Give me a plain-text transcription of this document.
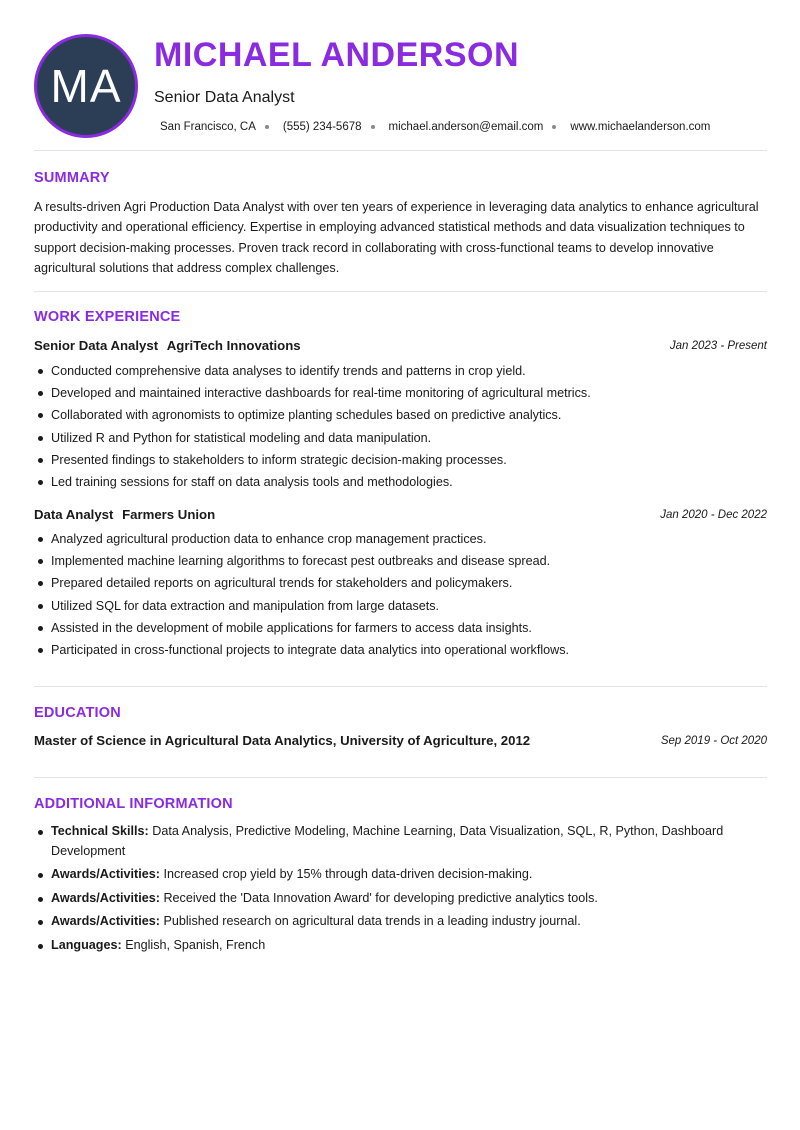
MA
MICHAEL ANDERSON
Senior Data Analyst
San Francisco, CA (555) 234-5678 michael.anderson@email.com www.michaelanderson.com
SUMMARY
A results-driven Agri Production Data Analyst with over ten years of experience in leveraging data analytics to enhance agricultural productivity and operational efficiency. Expertise in employing advanced statistical methods and data visualization techniques to support decision-making processes. Proven track record in collaborating with cross-functional teams to develop innovative agricultural solutions that address complex challenges.
WORK EXPERIENCE
Senior Data Analyst AgriTech Innovations	Jan 2023 - Present
Conducted comprehensive data analyses to identify trends and patterns in crop yield.
Developed and maintained interactive dashboards for real-time monitoring of agricultural metrics.
Collaborated with agronomists to optimize planting schedules based on predictive analytics.
Utilized R and Python for statistical modeling and data manipulation.
Presented findings to stakeholders to inform strategic decision-making processes.
Led training sessions for staff on data analysis tools and methodologies.
Data Analyst Farmers Union	Jan 2020 - Dec 2022
Analyzed agricultural production data to enhance crop management practices.
Implemented machine learning algorithms to forecast pest outbreaks and disease spread.
Prepared detailed reports on agricultural trends for stakeholders and policymakers.
Utilized SQL for data extraction and manipulation from large datasets.
Assisted in the development of mobile applications for farmers to access data insights.
Participated in cross-functional projects to integrate data analytics into operational workflows.
EDUCATION
Master of Science in Agricultural Data Analytics, University of Agriculture, 2012	Sep 2019 - Oct 2020
ADDITIONAL INFORMATION
Technical Skills: Data Analysis, Predictive Modeling, Machine Learning, Data Visualization, SQL, R, Python, Dashboard Development
Awards/Activities: Increased crop yield by 15% through data-driven decision-making.
Awards/Activities: Received the 'Data Innovation Award' for developing predictive analytics tools.
Awards/Activities: Published research on agricultural data trends in a leading industry journal.
Languages: English, Spanish, French
